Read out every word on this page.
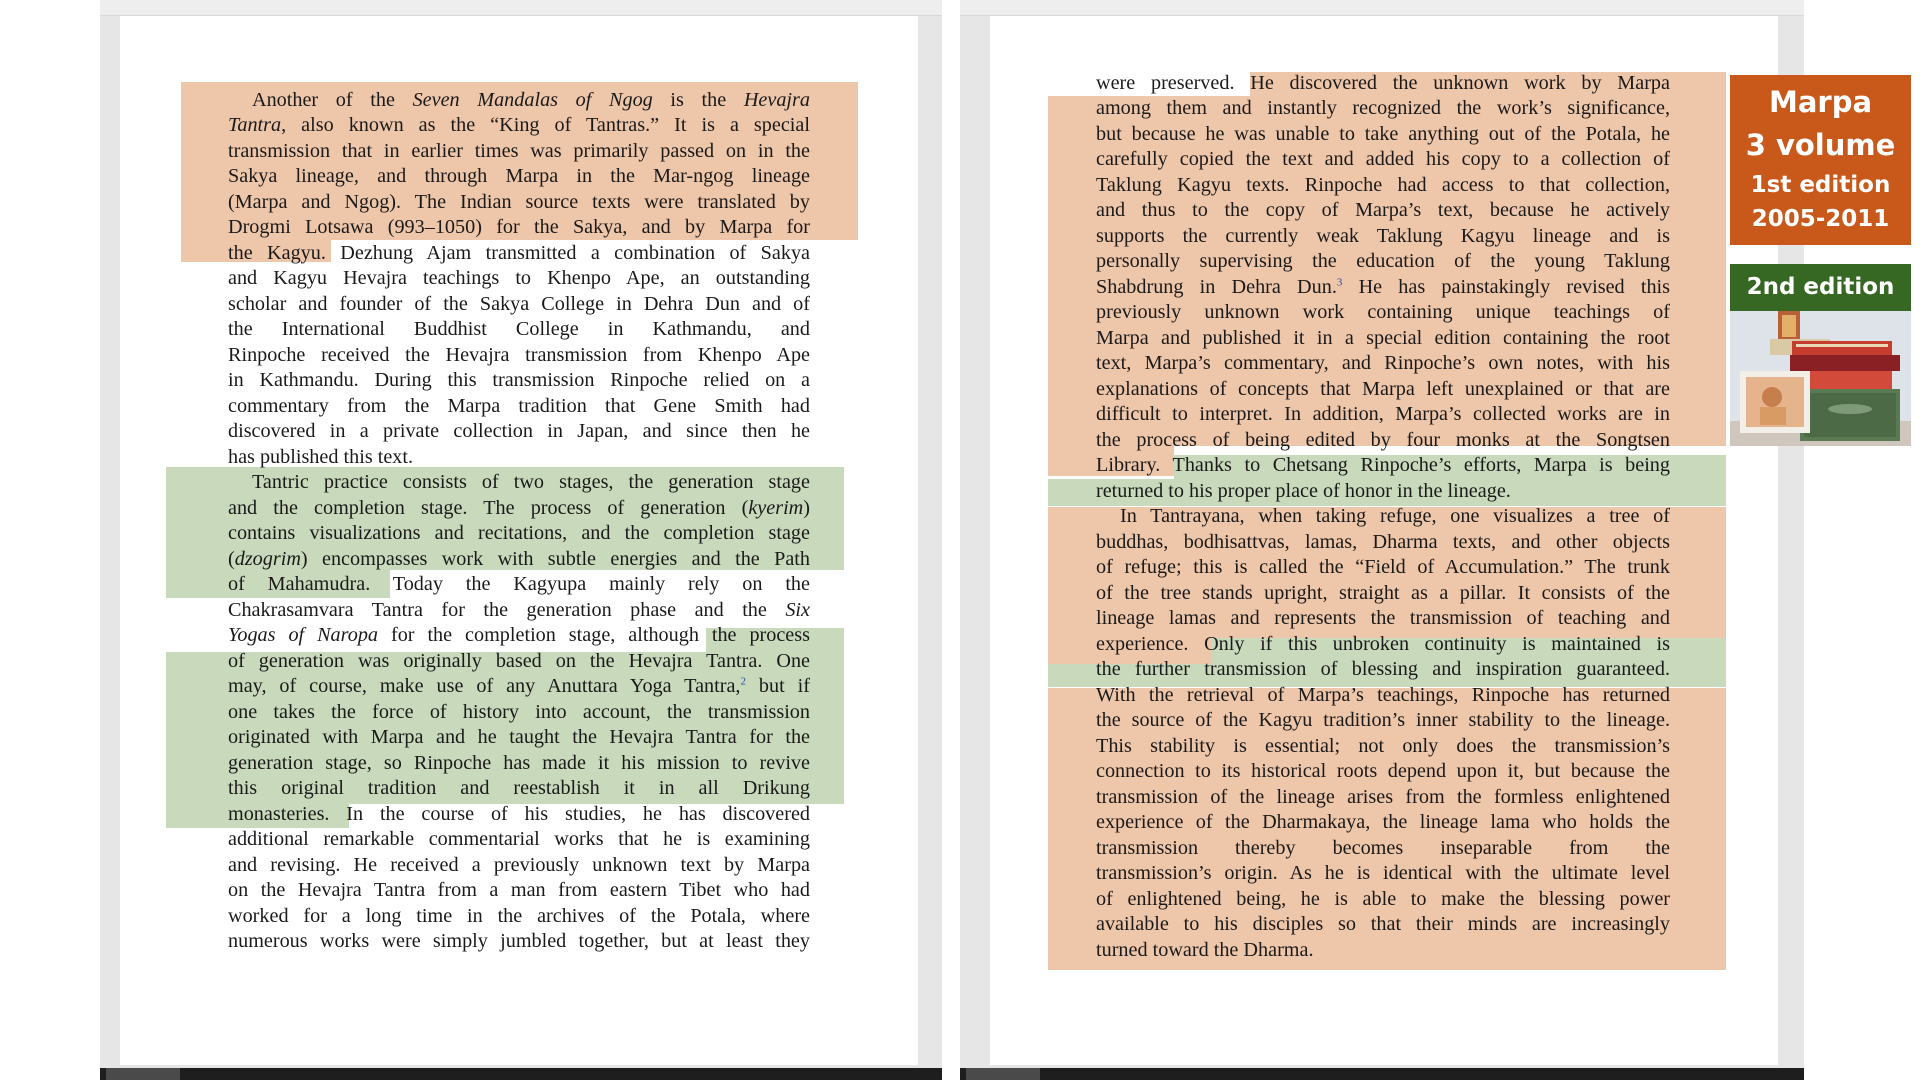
Another of the Seven Mandalas of Ngog is the Hevajra
Tantra, also known as the “King of Tantras.” It is a special
transmission that in earlier times was primarily passed on in the
Sakya lineage, and through Marpa in the Mar-ngog lineage
(Marpa and Ngog). The Indian source texts were translated by
Drogmi Lotsawa (993–1050) for the Sakya, and by Marpa for
the Kagyu. Dezhung Ajam transmitted a combination of Sakya
and Kagyu Hevajra teachings to Khenpo Ape, an outstanding
scholar and founder of the Sakya College in Dehra Dun and of
the International Buddhist College in Kathmandu, and
Rinpoche received the Hevajra transmission from Khenpo Ape
in Kathmandu. During this transmission Rinpoche relied on a
commentary from the Marpa tradition that Gene Smith had
discovered in a private collection in Japan, and since then he
has published this text.
Tantric practice consists of two stages, the generation stage
and the completion stage. The process of generation (kyerim)
contains visualizations and recitations, and the completion stage
(dzogrim) encompasses work with subtle energies and the Path
of Mahamudra. Today the Kagyupa mainly rely on the
Chakrasamvara Tantra for the generation phase and the Six
Yogas of Naropa for the completion stage, although the process
of generation was originally based on the Hevajra Tantra. One
may, of course, make use of any Anuttara Yoga Tantra,$^2$ but if
one takes the force of history into account, the transmission
originated with Marpa and he taught the Hevajra Tantra for the
generation stage, so Rinpoche has made it his mission to revive
this original tradition and reestablish it in all Drikung
monasteries. In the course of his studies, he has discovered
additional remarkable commentarial works that he is examining
and revising. He received a previously unknown text by Marpa
on the Hevajra Tantra from a man from eastern Tibet who had
worked for a long time in the archives of the Potala, where
numerous works were simply jumbled together, but at least they
were preserved. He discovered the unknown work by Marpa
among them and instantly recognized the work’s significance,
but because he was unable to take anything out of the Potala, he
carefully copied the text and added his copy to a collection of
Taklung Kagyu texts. Rinpoche had access to that collection,
and thus to the copy of Marpa’s text, because he actively
supports the currently weak Taklung Kagyu lineage and is
personally supervising the education of the young Taklung
Shabdrung in Dehra Dun.$^3$ He has painstakingly revised this
previously unknown work containing unique teachings of
Marpa and published it in a special edition containing the root
text, Marpa’s commentary, and Rinpoche’s own notes, with his
explanations of concepts that Marpa left unexplained or that are
difficult to interpret. In addition, Marpa’s collected works are in
the process of being edited by four monks at the Songtsen
Library. Thanks to Chetsang Rinpoche’s efforts, Marpa is being
returned to his proper place of honor in the lineage.
In Tantrayana, when taking refuge, one visualizes a tree of
buddhas, bodhisattvas, lamas, Dharma texts, and other objects
of refuge; this is called the “Field of Accumulation.” The trunk
of the tree stands upright, straight as a pillar. It consists of the
lineage lamas and represents the transmission of teaching and
experience. Only if this unbroken continuity is maintained is
the further transmission of blessing and inspiration guaranteed.
With the retrieval of Marpa’s teachings, Rinpoche has returned
the source of the Kagyu tradition’s inner stability to the lineage.
This stability is essential; not only does the transmission’s
connection to its historical roots depend upon it, but because the
transmission of the lineage arises from the formless enlightened
experience of the Dharmakaya, the lineage lama who holds the
transmission thereby becomes inseparable from the
transmission’s origin. As he is identical with the ultimate level
of enlightened being, he is able to make the blessing power
available to his disciples so that their minds are increasingly
turned toward the Dharma.
Marpa
3 volume
1st edition
2005-2011
2nd edition
